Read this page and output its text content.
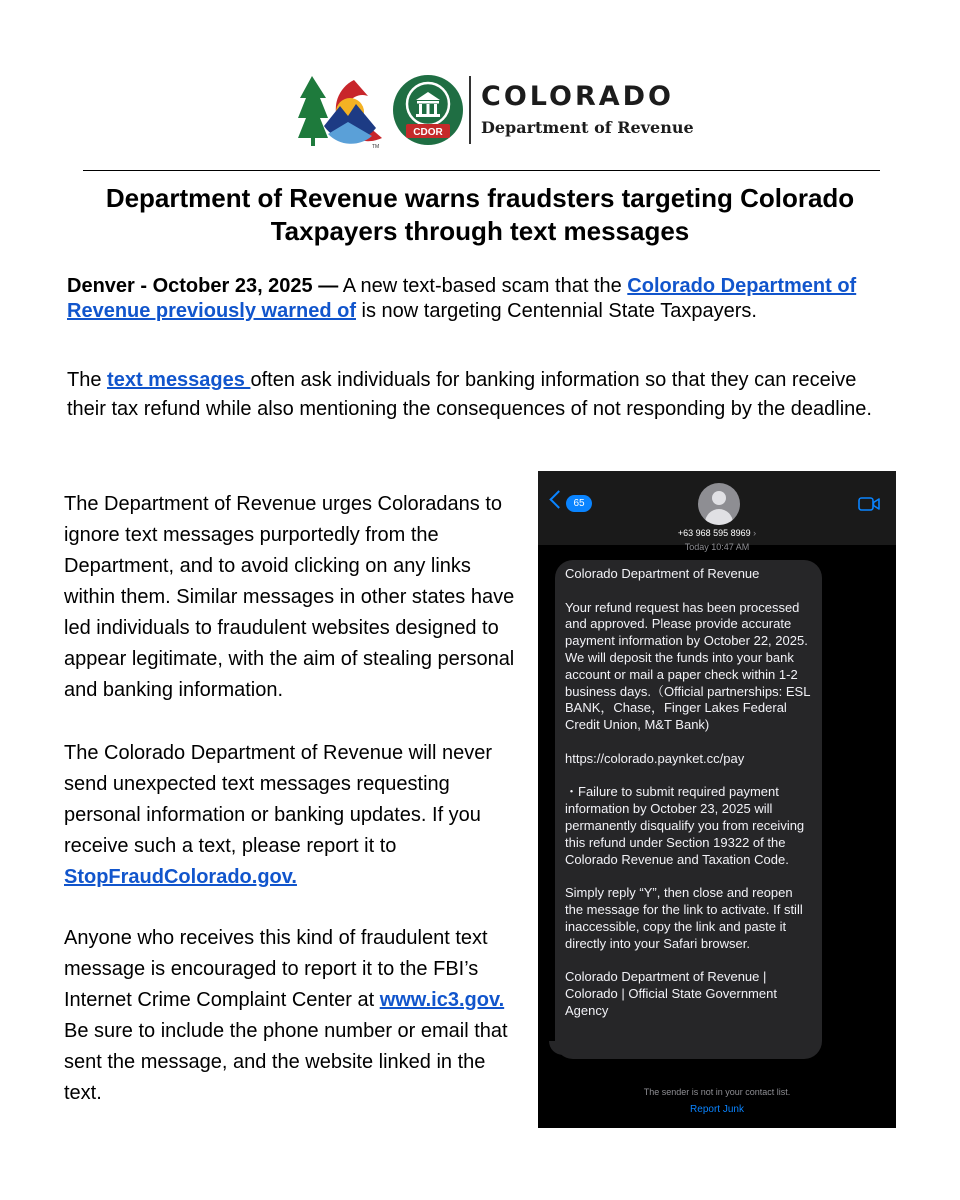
TM
CDOR
COLORADO
Department of Revenue
Department of Revenue warns fraudsters targeting Colorado Taxpayers through text messages

Denver - October 23, 2025 — A new text-based scam that the Colorado Department of Revenue previously warned of is now targeting Centennial State Taxpayers.

The text messages often ask individuals for banking information so that they can receive their tax refund while also mentioning the consequences of not responding by the deadline.

The Department of Revenue urges Coloradans to ignore text messages purportedly from the Department, and to avoid clicking on any links within them. Similar messages in other states have led individuals to fraudulent websites designed to appear legitimate, with the aim of stealing personal and banking information.

The Colorado Department of Revenue will never send unexpected text messages requesting personal information or banking updates. If you receive such a text, please report it to StopFraudColorado.gov.

Anyone who receives this kind of fraudulent text message is encouraged to report it to the FBI’s Internet Crime Complaint Center at www.ic3.gov. Be sure to include the phone number or email that sent the message, and the website linked in the text.

65
+63 968 595 8969 ›
Today 10:47 AM

Colorado Department of Revenue

Your refund request has been processed and approved. Please provide accurate payment information by October 22, 2025. We will deposit the funds into your bank account or mail a paper check within 1-2 business days.（Official partnerships: ESL BANK，Chase，Finger Lakes Federal Credit Union, M&T Bank)

https://colorado.paynket.cc/pay

・Failure to submit required payment information by October 23, 2025 will permanently disqualify you from receiving this refund under Section 19322 of the Colorado Revenue and Taxation Code.

Simply reply “Y”, then close and reopen the message for the link to activate. If still inaccessible, copy the link and paste it directly into your Safari browser.

Colorado Department of Revenue | Colorado | Official State Government Agency

The sender is not in your contact list.
Report Junk
